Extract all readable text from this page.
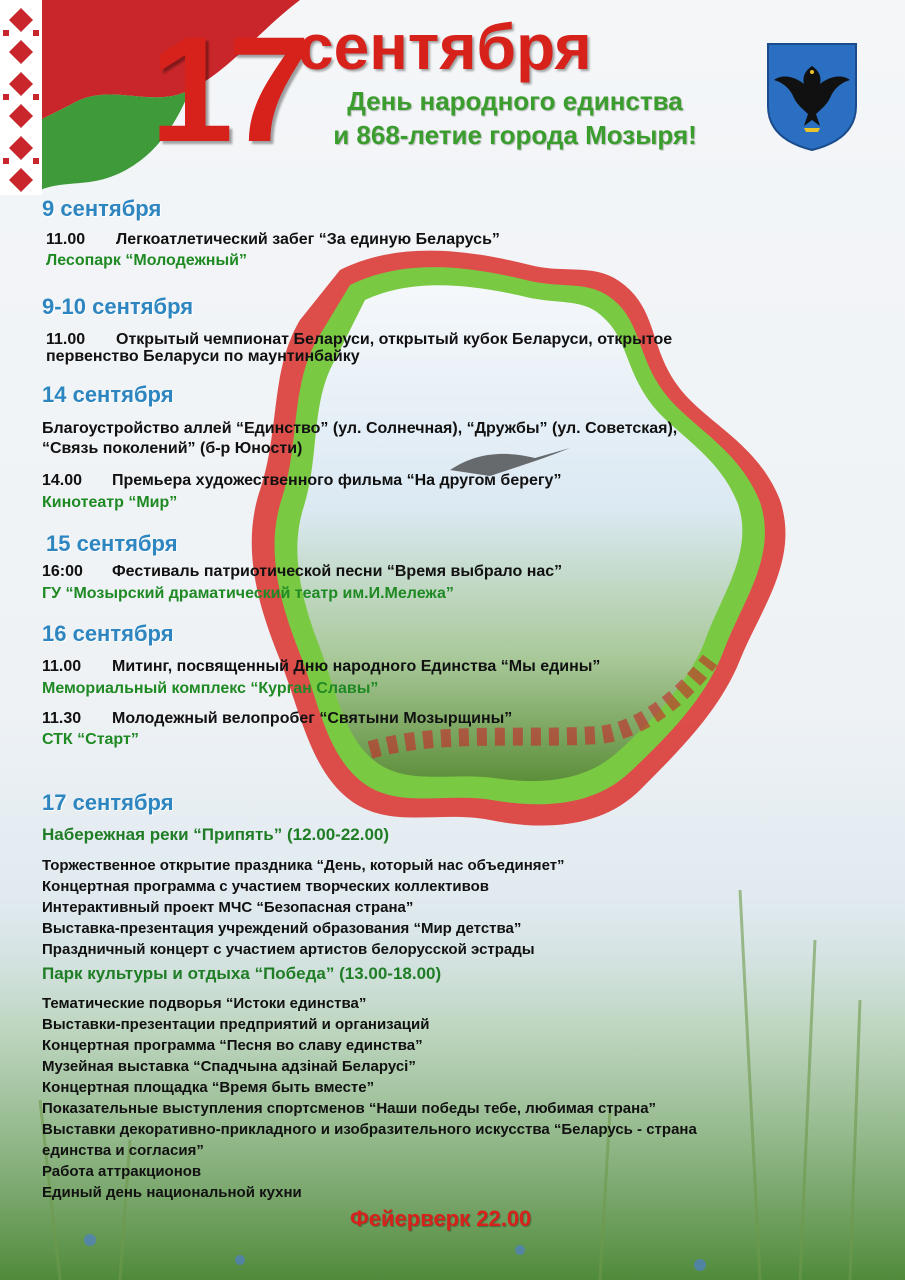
17
сентября
День народного единства
и 868-летие города Мозыря!
9 сентября
11.00 Легкоатлетический забег “За единую Беларусь”
Лесопарк “Молодежный”
9-10 сентября
11.00 Открытый чемпионат Беларуси, открытый кубок Беларуси, открытое
первенство Беларуси по маунтинбайку
14 сентября
Благоустройство аллей “Единство” (ул. Солнечная), “Дружбы” (ул. Советская),
“Связь поколений” (б-р Юности)
14.00 Премьера художественного фильма “На другом берегу”
Кинотеатр “Мир”
15 сентября
16:00 Фестиваль патриотической песни “Время выбрало нас”
ГУ “Мозырский драматический театр им.И.Мележа”
16 сентября
11.00 Митинг, посвященный Дню народного Единства “Мы едины”
Мемориальный комплекс “Курган Славы”
11.30 Молодежный велопробег “Святыни Мозырщины”
СТК “Старт”
17 сентября
Набережная реки “Припять” (12.00-22.00)
Торжественное открытие праздника “День, который нас объединяет”
Концертная программа с участием творческих коллективов
Интерактивный проект МЧС “Безопасная страна”
Выставка-презентация учреждений образования “Мир детства”
Праздничный концерт с участием артистов белорусской эстрады
Парк культуры и отдыха “Победа” (13.00-18.00)
Тематические подворья “Истоки единства”
Выставки-презентации предприятий и организаций
Концертная программа “Песня во славу единства”
Музейная выставка “Спадчына адзінай Беларусі”
Концертная площадка “Время быть вместе”
Показательные выступления спортсменов “Наши победы тебе, любимая страна”
Выставки декоративно-прикладного и изобразительного искусства “Беларусь - страна
единства и согласия”
Работа аттракционов
Единый день национальной кухни
Фейерверк 22.00
